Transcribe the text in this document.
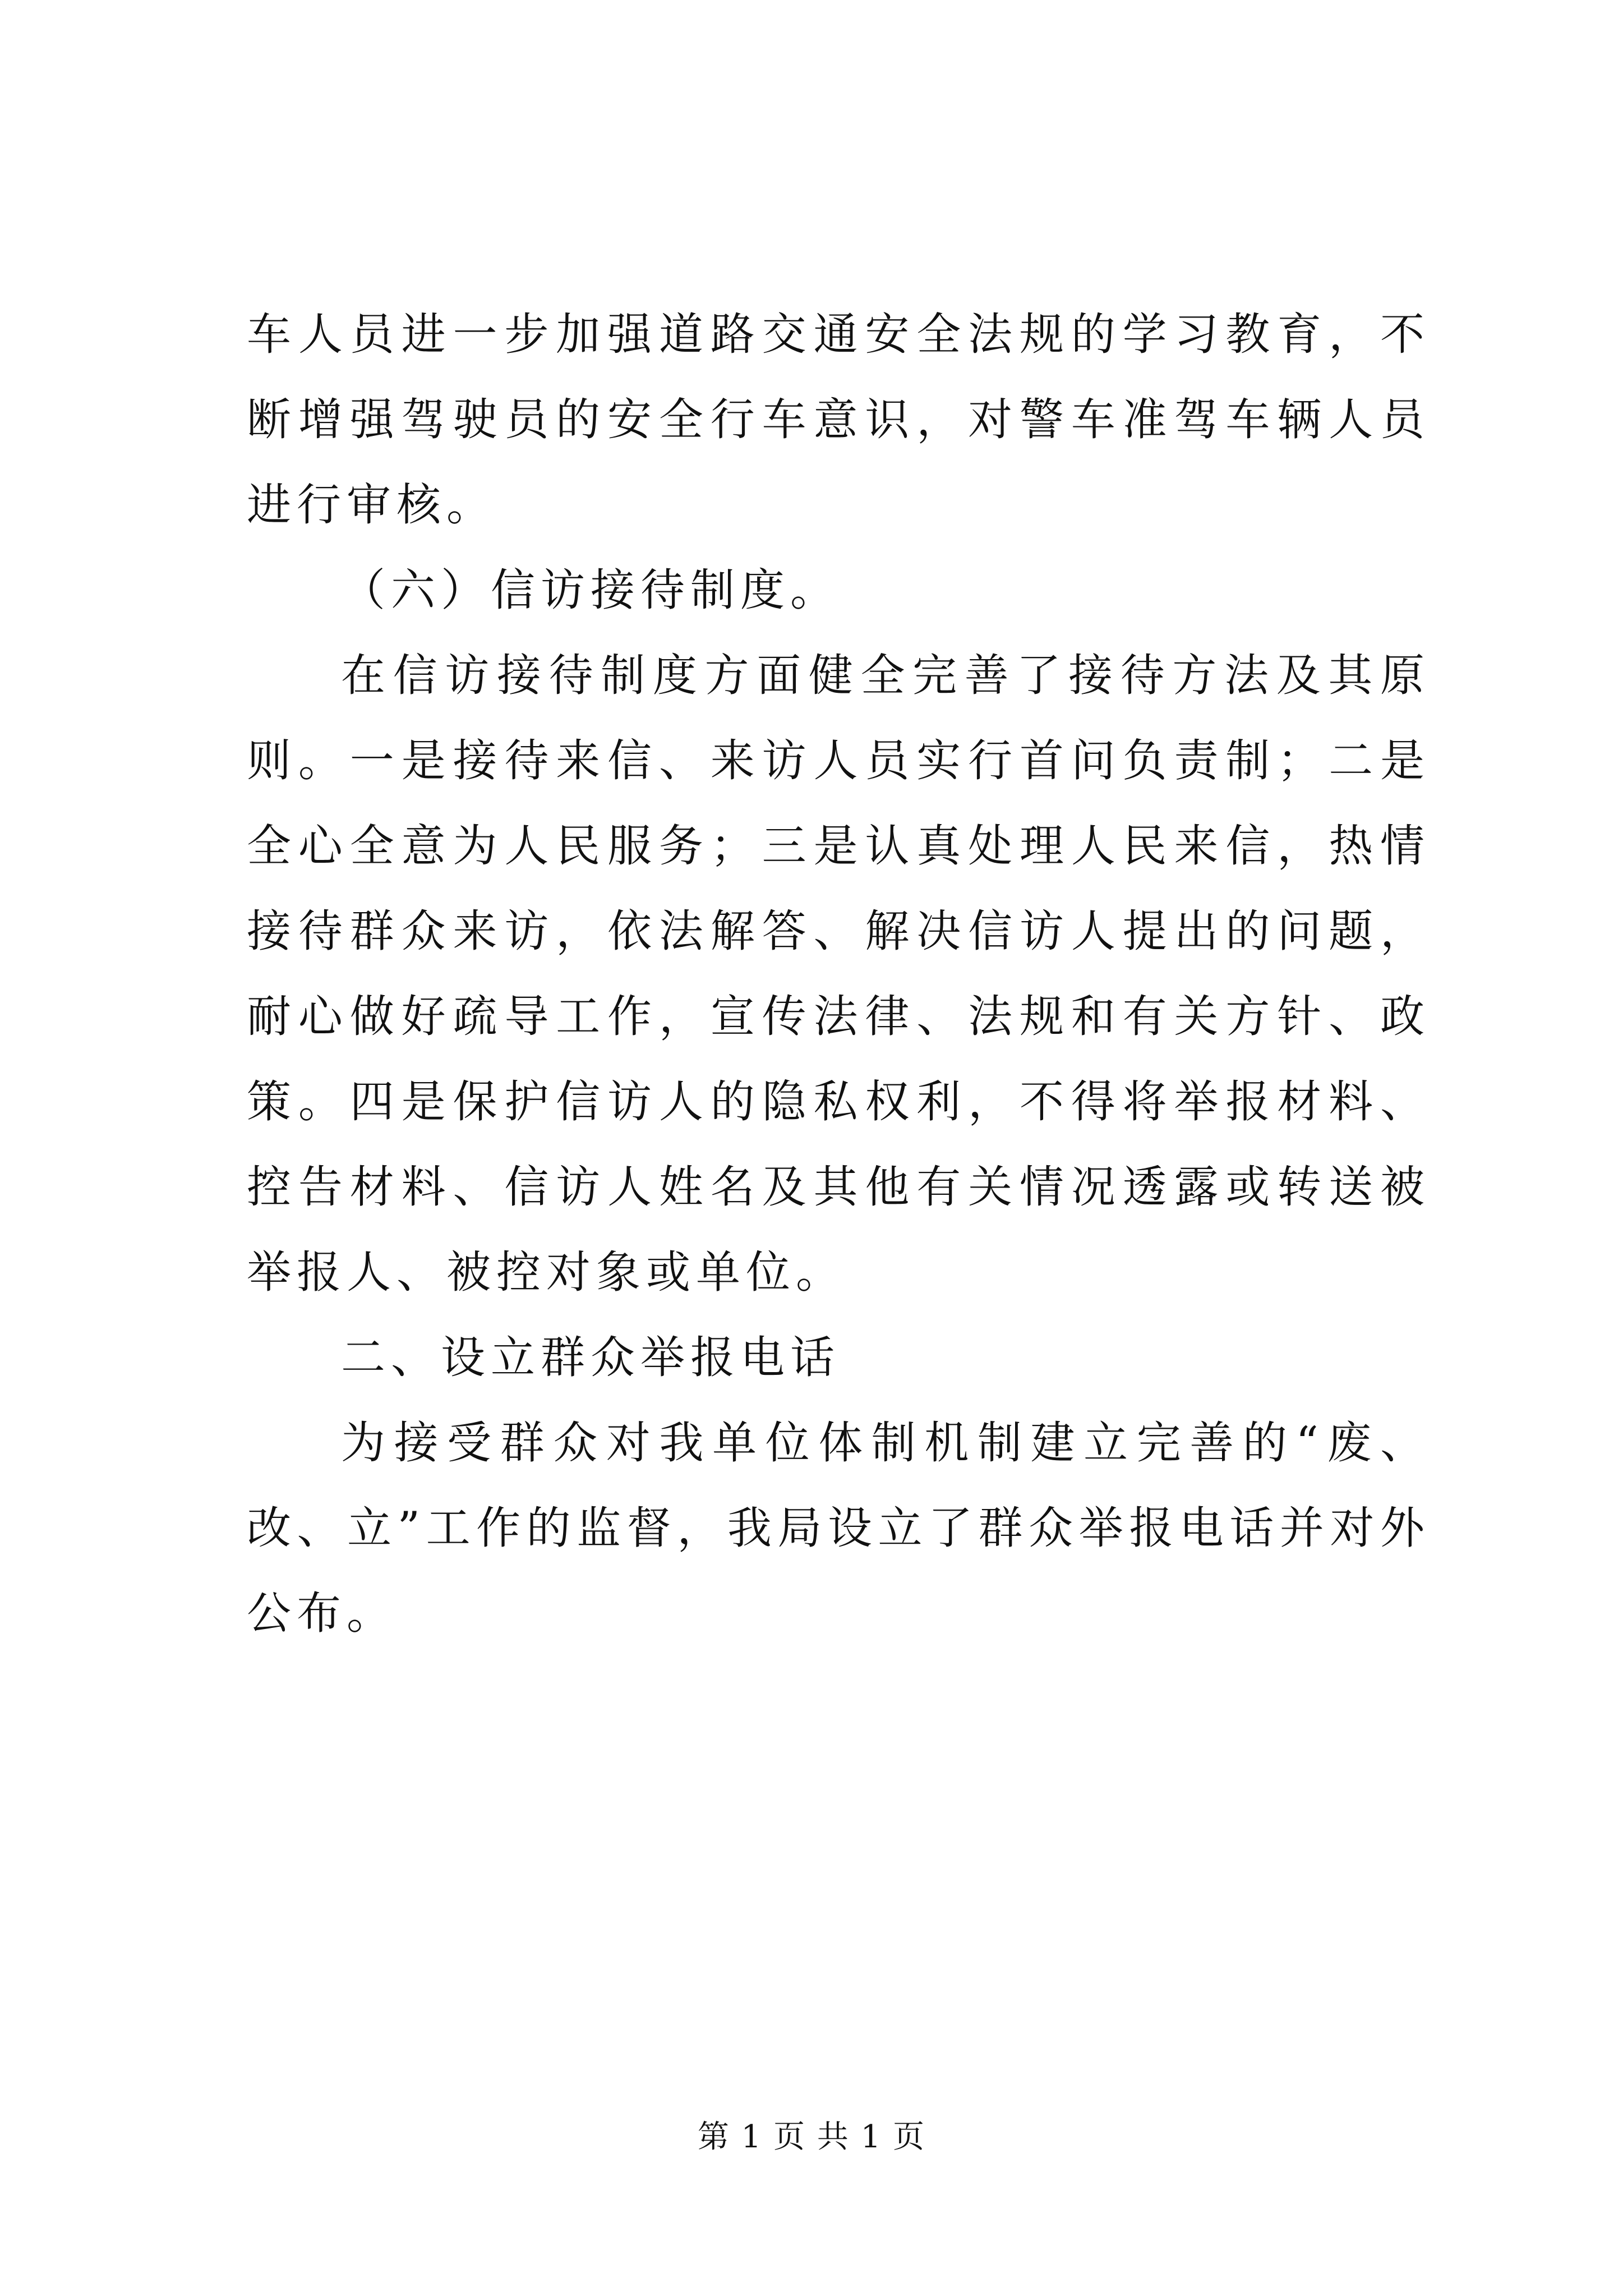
车人员进一步加强道路交通安全法规的学习教育，不断增强驾驶员的安全行车意识，对警车准驾车辆人员进行审核。

（六）信访接待制度。

在信访接待制度方面健全完善了接待方法及其原则。一是接待来信、来访人员实行首问负责制；二是全心全意为人民服务；三是认真处理人民来信，热情接待群众来访，依法解答、解决信访人提出的问题，耐心做好疏导工作，宣传法律、法规和有关方针、政策。四是保护信访人的隐私权利，不得将举报材料、控告材料、信访人姓名及其他有关情况透露或转送被举报人、被控对象或单位。

二、设立群众举报电话

为接受群众对我单位体制机制建立完善的“废、改、立”工作的监督，我局设立了群众举报电话并对外公布。

第 1 页 共 1 页
